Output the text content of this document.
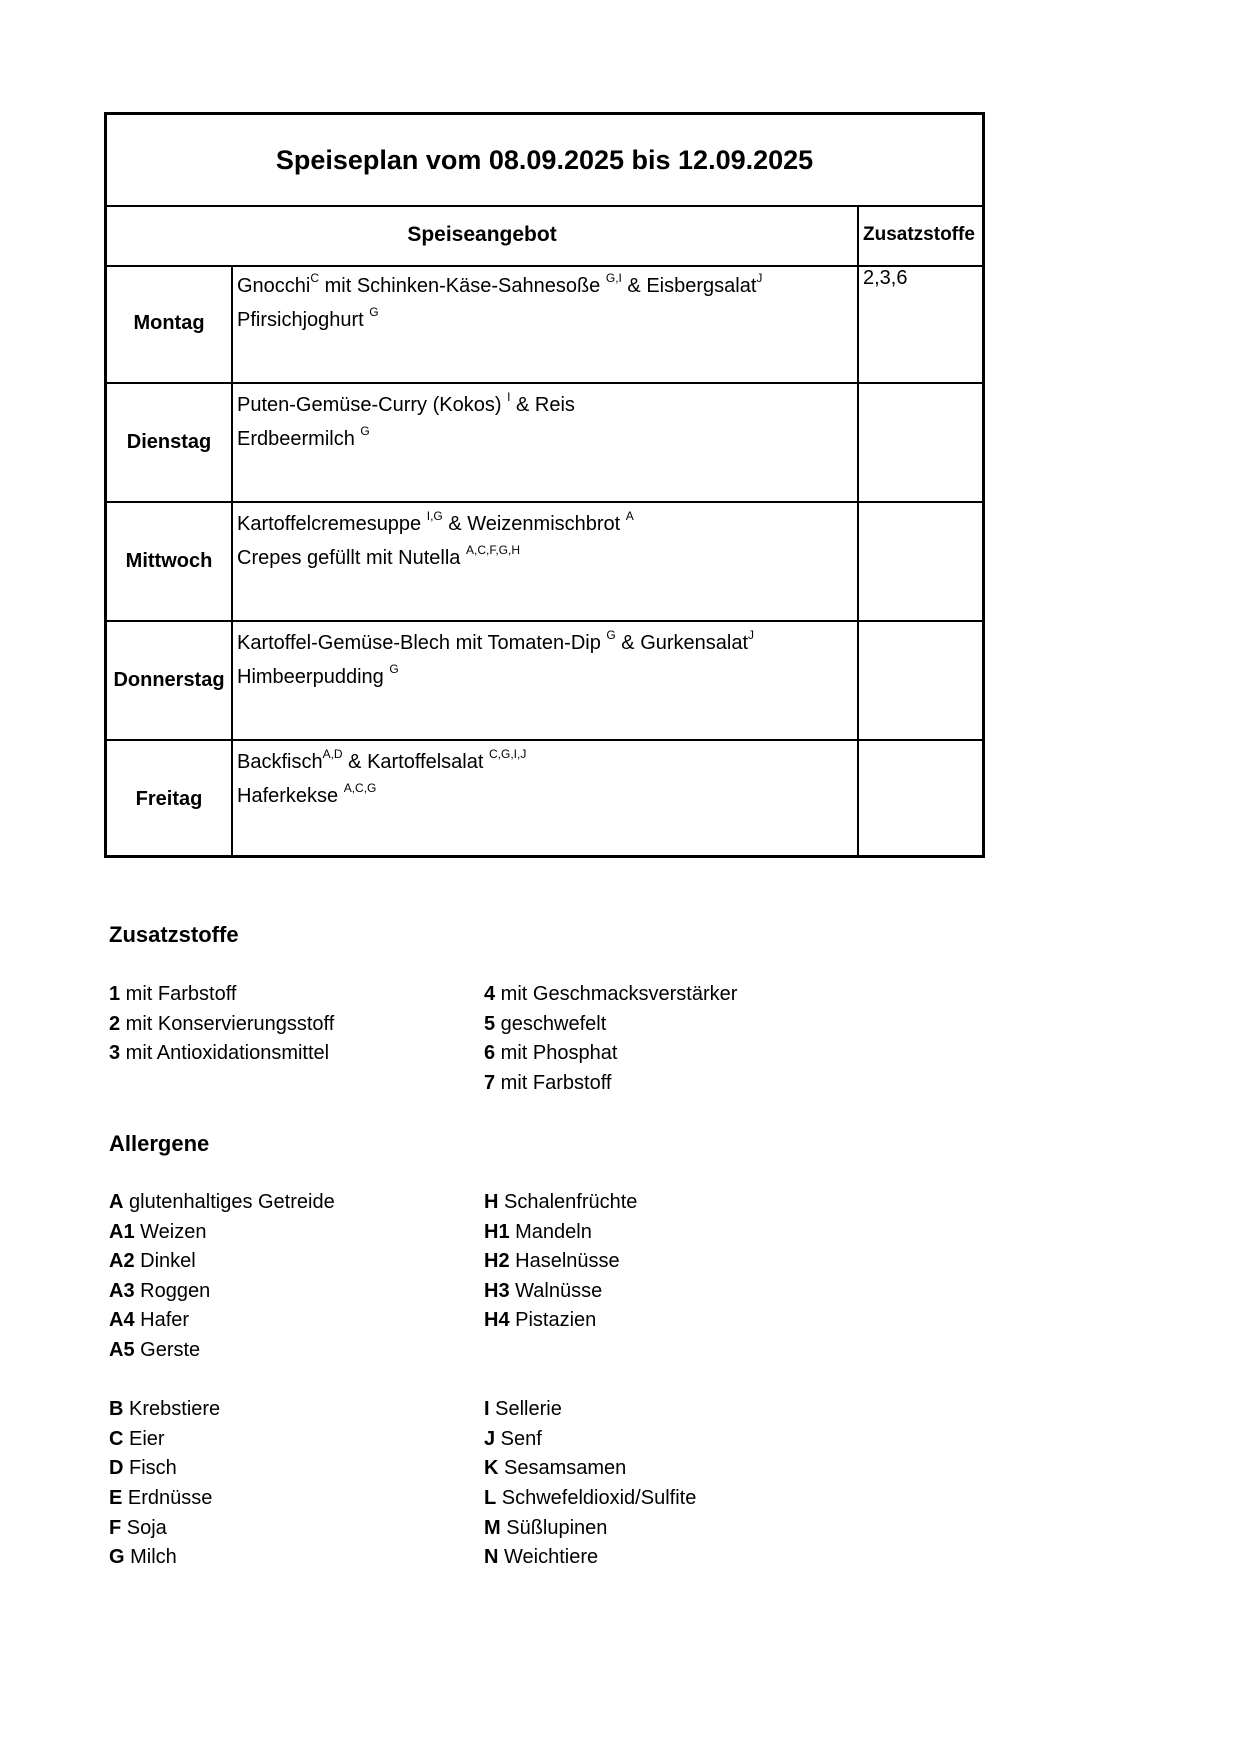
Speiseplan vom 08.09.2025 bis 12.09.2025
Speiseangebot	Zusatzstoffe
Montag
Gnocchi$^C$ mit Schinken-Käse-Sahnesoße $^{G,I}$ & Eisbergsalat$^J$
Pfirsichjoghurt $^G$
2,3,6
Dienstag
Puten-Gemüse-Curry (Kokos) $^I$ & Reis
Erdbeermilch $^G$
Mittwoch
Kartoffelcremesuppe $^{I,G}$ & Weizenmischbrot $^A$
Crepes gefüllt mit Nutella $^{A,C,F,G,H}$
Donnerstag
Kartoffel-Gemüse-Blech mit Tomaten-Dip $^G$ & Gurkensalat$^J$
Himbeerpudding $^G$
Freitag
Backfisch$^{A,D}$ & Kartoffelsalat $^{C,G,I,J}$
Haferkekse $^{A,C,G}$
Zusatzstoffe
1 mit Farbstoff
2 mit Konservierungsstoff
3 mit Antioxidationsmittel
4 mit Geschmacksverstärker
5 geschwefelt
6 mit Phosphat
7 mit Farbstoff
Allergene
A glutenhaltiges Getreide
A1 Weizen
A2 Dinkel
A3 Roggen
A4 Hafer
A5 Gerste
B Krebstiere
C Eier
D Fisch
E Erdnüsse
F Soja
G Milch
H Schalenfrüchte
H1 Mandeln
H2 Haselnüsse
H3 Walnüsse
H4 Pistazien
I Sellerie
J Senf
K Sesamsamen
L Schwefeldioxid/Sulfite
M Süßlupinen
N Weichtiere
